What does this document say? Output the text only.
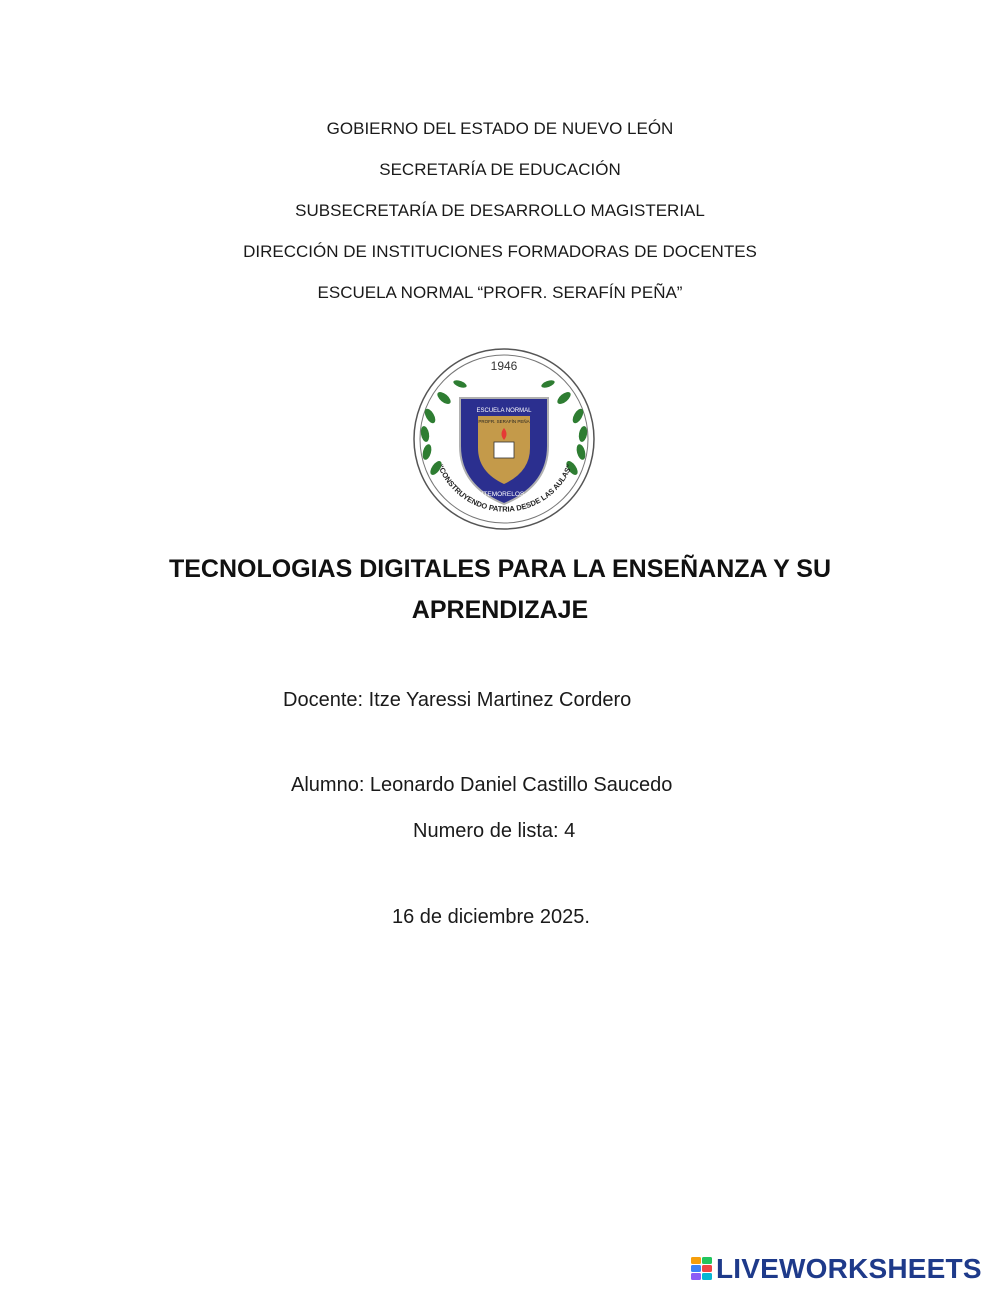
GOBIERNO DEL ESTADO DE NUEVO LEÓN
SECRETARÍA DE EDUCACIÓN
SUBSECRETARÍA DE DESARROLLO MAGISTERIAL
DIRECCIÓN DE INSTITUCIONES FORMADORAS DE DOCENTES
ESCUELA NORMAL “PROFR. SERAFÍN PEÑA”
1946
ESCUELA NORMAL
PROFR. SERAFÍN PEÑA
MONTEMORELOS, N.L.
“CONSTRUYENDO PATRIA DESDE LAS AULAS”
TECNOLOGIAS DIGITALES PARA LA ENSEÑANZA Y SU
APRENDIZAJE
Docente: Itze Yaressi Martinez Cordero
Alumno: Leonardo Daniel Castillo Saucedo
Numero de lista: 4
16 de diciembre 2025.
LIVEWORKSHEETS
